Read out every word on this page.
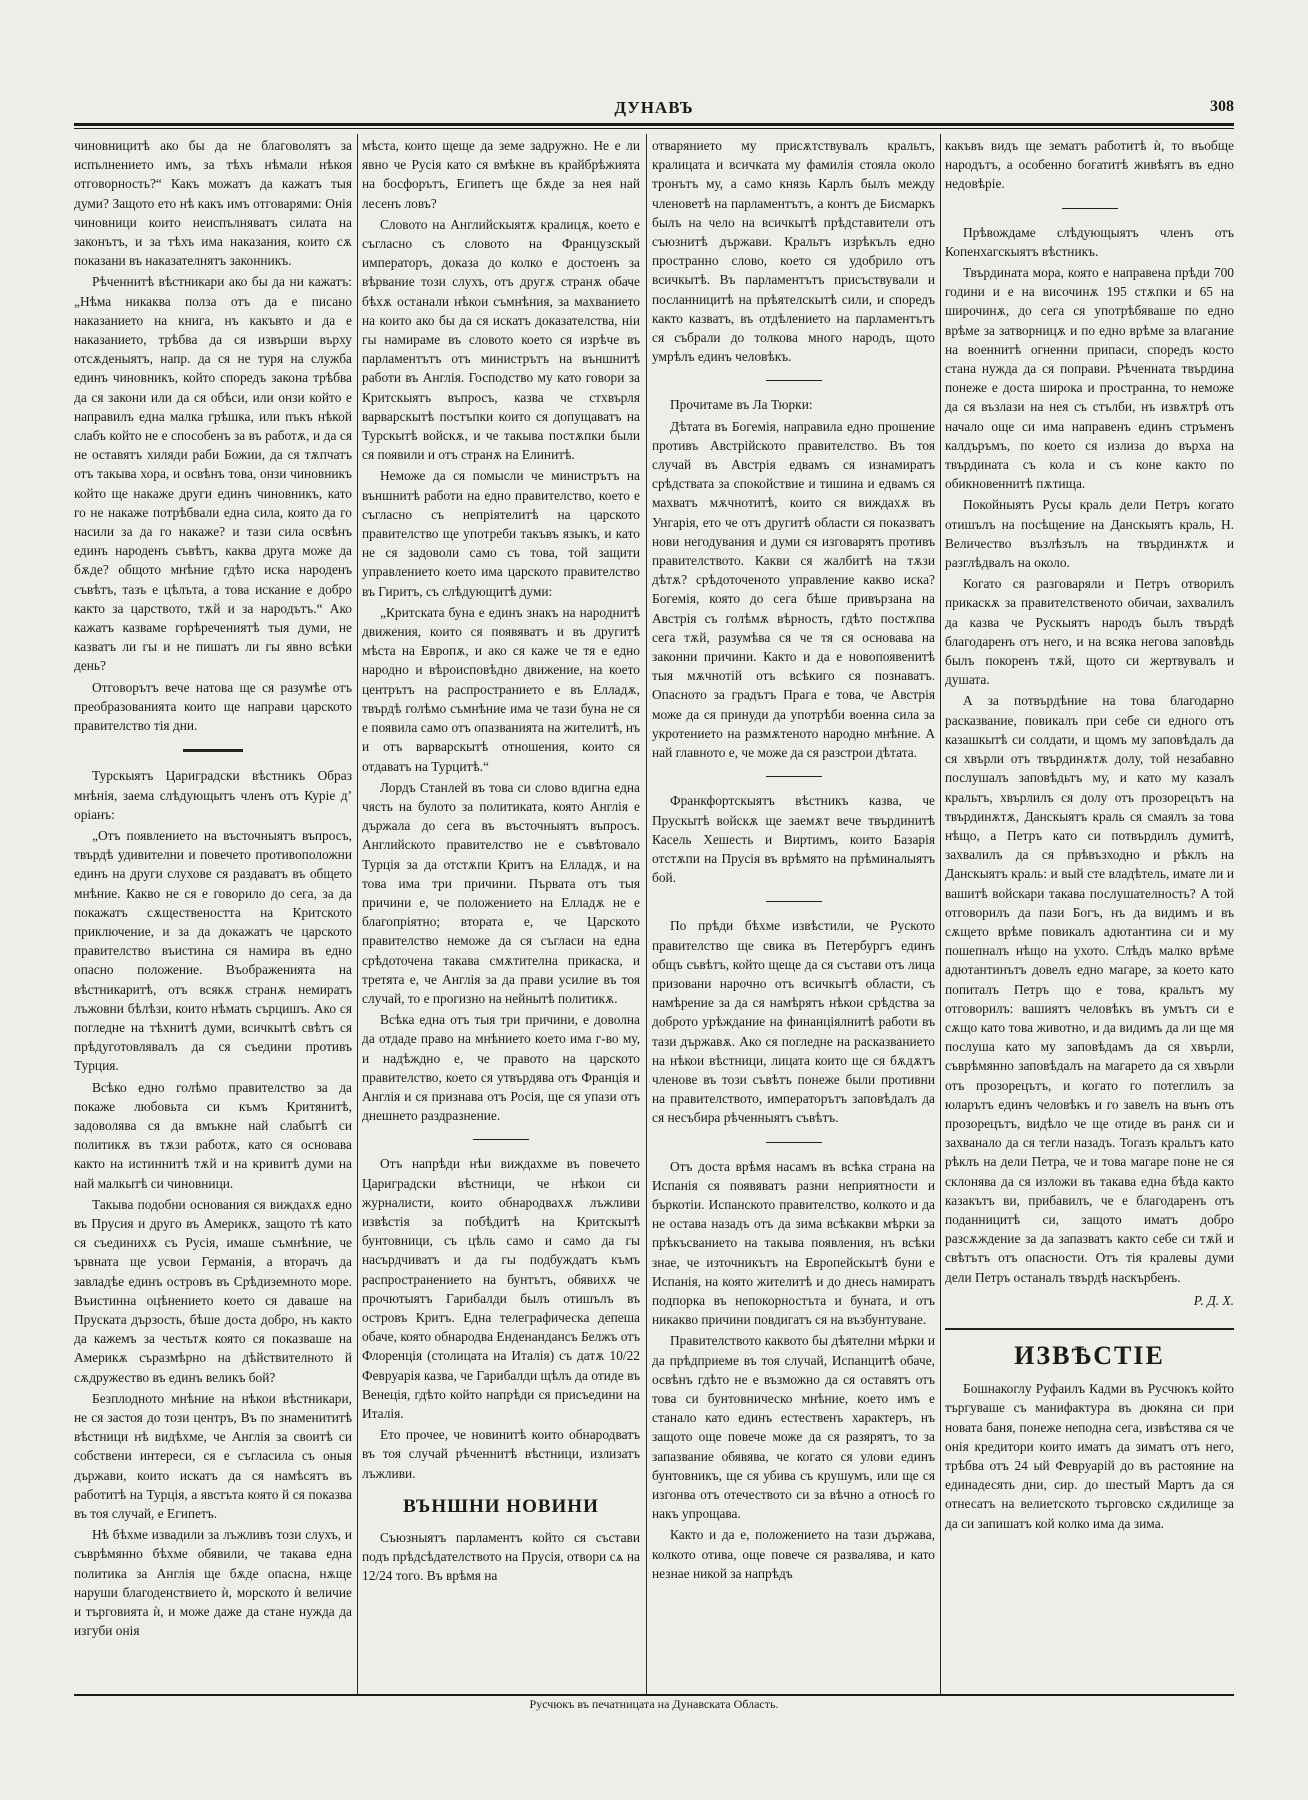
ДУНАВЪ	308

чиновницитѣ ако бы да не благоволятъ за испълнението имъ, за тѣхъ нѣмали нѣкоя отговорность?“ Какъ можатъ да кажатъ тыя думи? Защото ето нѣ какъ имъ отговарями: Онія чиновници които неиспълняватъ силата на законътъ, и за тѣхъ има наказания, които сѫ показани въ наказателнятъ законникъ.

Рѣченнитѣ вѣстникари ако бы да ни кажатъ: „Нѣма никаква полза отъ да е писано наказанието на книга, нъ какъвто и да е наказанието, трѣбва да ся извърши върху отсѫденыятъ, напр. да ся не туря на служба единъ чиновникъ, който споредъ закона трѣбва да ся закони или да ся обѣси, или онзи който е направилъ една малка грѣшка, или пъкъ нѣкой слабъ който не е способенъ за въ работѫ, и да ся не оставятъ хиляди раби Божии, да ся тѫпчатъ отъ такыва хора, и освѣнъ това, онзи чиновникъ който ще накаже други единъ чиновникъ, като го не накаже потрѣбвали една сила, която да го насили за да го накаже? и тази сила освѣнъ единъ народенъ съвѣтъ, каква друга може да бѫде? общото мнѣние гдѣто иска народенъ съвѣтъ, тазъ е цѣлъта, а това искание е добро както за царството, тѫй и за народътъ.“ Ако кажатъ казваме горѣречениятѣ тыя думи, не казватъ ли гы и не пишатъ ли гы явно всѣки день?

Отговорътъ вече натова ще ся разумѣе отъ преобразованията които ще направи царското правителство тія дни.

Турскыятъ Цариградски вѣстникъ Образ мнѣнія, заема слѣдующытъ членъ отъ Куріе д’ оріанъ:

„Отъ появлението на въсточныятъ въпросъ, твърдѣ удивителни и повечето противоположни единъ на други слухове ся раздаватъ въ общето мнѣние. Какво не ся е говорило до сега, за да покажатъ сѫществеността на Критското приключение, и за да докажатъ че царското правителство въистина ся намира въ едно опасно положение. Въображенията на вѣстникаритѣ, отъ всякѫ странѫ немиратъ лъжовни бѣлѣзи, които нѣмать сърцишъ. Ако ся погледне на тѣхнитѣ думи, всичкытѣ свѣтъ ся прѣдуготовлявалъ да ся съедини противъ Турция.

Всѣко едно голѣмо правителство за да покаже любовьта си къмъ Критянитѣ, задоволява ся да вмъкне най слабытѣ си политикѫ въ тѫзи работѫ, като ся основава както на истиннитѣ тѫй и на кривитѣ думи на най малкытѣ си чиновници.

Такыва подобни основания ся виждахѫ едно въ Прусия и друго въ Америкѫ, защото тѣ като ся съединихѫ съ Русія, имаше съмнѣние, че ървната ще усвои Германія, а вторачъ да завладѣе единъ островъ въ Срѣдиземното море. Въистинна оцѣнението което ся даваше на Пруската дързость, бѣше доста добро, нъ както да кажемъ за честьтѫ която ся показваше на Америкѫ съразмѣрно на дѣйствителното й сѫдружество въ единъ великъ бой?

Безплодното мнѣние на нѣкои вѣстникари, не ся застоя до този центръ, Въ по знаменититѣ вѣстници нѣ видѣхме, че Англія за своитѣ си собствени интереси, ся е съгласила съ оныя държави, които искатъ да ся намѣсятъ въ работитѣ на Турція, а явстъта която й ся показва въ тоя случай, е Египетъ.

Нѣ бѣхме извадили за лъжливъ този слухъ, и съврѣмянно бѣхме обявили, че такава една политика за Англія ще бѫде опасна, нѫще наруши благоденствието ѝ, морското ѝ величие и търговията ѝ, и може даже да стане нужда да изгуби онія

мѣста, които щеще да земе задружно. Не е ли явно че Русія като ся вмѣкне въ крайбрѣжията на босфорътъ, Египетъ ще бѫде за нея най лесенъ ловъ?

Словото на Английскыятѫ кралицѫ, което е съгласно съ словото на Французскый императоръ, доказа до колко е достоенъ за вѣрвание този слухъ, отъ другѫ странѫ обаче бѣхѫ останали нѣкои съмнѣния, за махванието на които ако бы да ся искатъ доказателства, ніи гы намираме въ словото което ся изрѣче въ парламентътъ отъ министрътъ на външнитѣ работи въ Англія. Господство му като говори за Критскыятъ въпросъ, казва че стхвърля варварскытѣ постъпки които ся допущаватъ на Турскытѣ войскѫ, и че такыва постѫпки были ся появили и отъ странѫ на Елинитѣ.

Неможе да ся помысли че министрътъ на външнитѣ работи на едно правителство, което е съгласно съ непріятелитѣ на царското правителство ще употреби такъвъ языкъ, и като не ся задоволи само съ това, той защити управлението което има царското правителство въ Гиритъ, съ слѣдующитѣ думи:

„Критската буна е единъ знакъ на народнитѣ движения, които ся появяватъ и въ другитѣ мѣста на Европѫ, и ако ся каже че тя е едно народно и вѣроисповѣдно движение, на което центрътъ на распространието е въ Елладѫ, твърдѣ голѣмо съмнѣние има че тази буна не ся е появила само отъ опазванията на жителитѣ, нъ и отъ варварскытѣ отношения, които ся отдаватъ на Турцитѣ.“

Лордъ Станлей въ това си слово вдигна една чясть на булото за политиката, която Англія е държала до сега въ въсточныятъ въпросъ. Английското правителство не е съвѣтовало Турція за да отстѫпи Критъ на Елладѫ, и на това има три причини. Първата отъ тыя причини е, че положението на Елладѫ не е благопріятно; втората е, че Царското правителство неможе да ся съгласи на една срѣдоточена такава смѫтителна прикаска, и третята е, че Англія за да прави усилие въ тоя случай, то е прогизно на нейнытѣ политикѫ.

Всѣка една отъ тыя три причини, е доволна да отдаде право на мнѣнието което има г-во му, и надѣждно е, че правото на царското правителство, което ся утвърдява отъ Франція и Англія и ся признава отъ Росія, ще ся упази отъ днешнето раздразнение.

Отъ напрѣди нѣи виждахме въ повечето Цариградски вѣстници, че нѣкои си журналисти, които обнародвахѫ лъжливи извѣстія за побѣдитѣ на Критскытѣ бунтовници, съ цѣль само и само да гы насърдчиватъ и да гы подбуждатъ къмъ распространението на бунтътъ, обявихѫ че прочютыятъ Гарибалди былъ отишълъ въ островъ Критъ. Една телеграфическа депеша обаче, която обнародва Енденандансъ Белжъ отъ Флоренція (столицата на Италія) съ датѫ 10/22 Февруарія казва, че Гарибалди щѣлъ да отиде въ Венеція, гдѣто който напрѣди ся присъедини на Италія.

Ето прочее, че новинитѣ които обнародватъ въ тоя случай рѣченнитѣ вѣстници, излизатъ лъжливи.

ВЪНШНИ НОВИНИ

Съюзныятъ парламентъ който ся състави подъ прѣдсѣдателството на Прусія, отвори сѧ на 12/24 того. Въ врѣмя на

отварянието му присѫтствувалъ кральтъ, кралицата и всичката му фамилія стояла около тронътъ му, а само князь Карлъ былъ между членоветѣ на парламентътъ, а контъ де Бисмаркъ былъ на чело на всичкытѣ прѣдставители отъ съюзнитѣ държави. Кральтъ изрѣкълъ едно пространно слово, което ся удобрило отъ всичкытѣ. Въ парламентътъ присъствували и посланницитѣ на прѣятелскытѣ сили, и споредъ както казватъ, въ отдѣлението на парламентътъ ся събрали до толкова много народъ, щото умрѣлъ единъ человѣкъ.

Прочитаме въ Ла Тюрки:

Дѣтата въ Богемія, направила едно прошение противъ Австрійското правителство. Въ тоя случай въ Австрія едвамъ ся изнамиратъ срѣдствата за спокойствие и тишина и едвамъ ся махватъ мѫчнотитѣ, които ся виждахѫ въ Унгарія, ето че отъ другитѣ области ся показватъ нови негодувания и думи ся изговарятъ противъ правителството. Какви ся жалбитѣ на тѫзи дѣтѫ? срѣдоточеното управление какво иска? Богемія, която до сега бѣше привързана на Австрія съ голѣмѫ вѣрность, гдѣто постѫпва сега тѫй, разумѣва ся че тя ся основава на законни причини. Както и да е новопоявенитѣ тыя мѫчнотій отъ всѣкиго ся познаватъ. Опасното за градътъ Прага е това, че Австрія може да ся принуди да употрѣби военна сила за укротението на размѫтеното народно мнѣние. А най главното е, че може да ся разстрои дѣтата.

Франкфортскыятъ вѣстникъ казва, че Прускытѣ войскѫ ще заемѫт вече твърдинитѣ Касель Хешесть и Виртимъ, които Базарія отстѫпи на Прусія въ врѣмято на прѣминалыятъ бой.

По прѣди бѣхме извѣстили, че Руското правителство ще свика въ Петербургъ единъ общъ съвѣтъ, който щеще да ся състави отъ лица призовани нарочно отъ всичкытѣ области, съ намѣрение за да ся намѣрятъ нѣкои срѣдства за доброто урѣждание на финанціялнитѣ работи въ тази държавѫ. Ако ся погледне на расказванието на нѣкои вѣстници, лицата които ще ся бѫдѫтъ членове въ този съвѣтъ понеже были противни на правителството, императорътъ заповѣдалъ да ся несъбира рѣченныятъ съвѣтъ.

Отъ доста врѣмя насамъ въ всѣка страна на Испанія ся появяватъ разни неприятности и бъркотіи. Испанското правителство, колкото и да не остава назадъ отъ да зима всѣкакви мѣрки за прѣкъсванието на такыва появления, нъ всѣки знае, че източникътъ на Европейскытѣ буни е Испанія, на която жителитѣ и до днесь намиратъ подпорка въ непокорностъта и буната, и отъ никакво причини повдигатъ ся на възбунтуване.

Правителството каквото бы дѣятелни мѣрки и да прѣдприеме въ тоя случай, Испанцитѣ обаче, освѣнъ гдѣто не е възможно да ся оставятъ отъ това си бунтовническо мнѣние, което имъ е станало като единъ естественъ характеръ, нъ защото още повече може да ся разярятъ, то за запазвание обявява, че когато ся улови единъ бунтовникъ, ще ся убива съ крушумъ, или ще ся изгонва отъ отечеството си за вѣчно а относѣ го накъ упрощава.

Както и да е, положението на тази държава, колкото отива, още повече ся развалява, и като незнае никой за напрѣдъ

какъвъ видъ ще зематъ работитѣ ѝ, то въобще народътъ, а особенно богатитѣ живѣятъ въ едно недовѣріе.

Прѣвождаме слѣдующыятъ членъ отъ Копенхагскыятъ вѣстникъ.

Твърдината мора, която е направена прѣди 700 години и е на височинѫ 195 стѫпки и 65 на широчинѫ, до сега ся употрѣбяваше по едно врѣме за затворницѫ и по едно врѣме за влагание на военнитѣ огненни припаси, споредъ косто стана нужда да ся поправи. Рѣченната твърдина понеже е доста широка и пространна, то неможе да ся възлази на нея съ стълби, нъ извѫтрѣ отъ начало още си има направенъ единъ стръменъ калдъръмъ, по което ся излиза до върха на твърдината съ кола и съ коне както по обикновеннитѣ пѫтища.

Покойныятъ Русы краль дели Петръ когато отишълъ на посѣщение на Данскыятъ краль, Н. Величество възлѣзълъ на твърдинѫтѫ и разглѣдвалъ на около.

Когато ся разговаряли и Петръ отворилъ прикаскѫ за правителственото обичаи, захвалилъ да казва че Рускыятъ народъ былъ твърдѣ благодаренъ отъ него, и на всяка негова заповѣдь былъ покоренъ тѫй, щото си жертвувалъ и душата.

А за потвърдѣние на това благодарно расказвание, повикалъ при себе си едного отъ казашкытѣ си солдати, и щомъ му заповѣдалъ да ся хвърли отъ твърдинѫтѫ долу, той незабавно послушалъ заповѣдьтъ му, и като му казалъ кральтъ, хвърлилъ ся долу отъ прозорецътъ на твърдинѫтѫ, Данскыятъ краль ся смаялъ за това нѣщо, а Петръ като си потвърдилъ думитѣ, захвалилъ да ся прѣвъзходно и рѣклъ на Данскыятъ краль: и вый сте владѣтель, имате ли и вашитѣ войскари такава послушателность? А той отговорилъ да пази Богъ, нъ да видимъ и въ сѫщето врѣме повикалъ адютантина си и му пошепналъ нѣщо на ухото. Слѣдъ малко врѣме адютантинътъ довелъ едно магаре, за което като попиталъ Петръ що е това, кральтъ му отговорилъ: вашиятъ человѣкъ въ умътъ си е сѫщо като това животно, и да видимъ да ли ще мя послуша като му заповѣдамъ да ся хвърли, съврѣмянно заповѣдалъ на магарето да ся хвърли отъ прозорецътъ, и когато го потеглилъ за юларътъ единъ человѣкъ и го завелъ на вънъ отъ прозорецътъ, видѣло че ще отиде въ ранѫ си и захванало да ся тегли назадъ. Тогазъ кральтъ като рѣклъ на дели Петра, че и това магаре поне не ся склонява да ся изложи въ такава една бѣда както казакътъ ви, прибавилъ, че е благодаренъ отъ поданницитѣ си, защото иматъ добро разсѫждение за да запазватъ както себе си тѫй и свѣтътъ отъ опасности. Отъ тія кралевы думи дели Петръ останалъ твърдѣ наскърбенъ.

Р. Д. Х.

ИЗВѢСТІЕ

Бошнакоглу Руфаилъ Кадми въ Русчюкъ който търгуваше съ манифактура въ дюкяна си при новата баня, понеже неподна сега, извѣстява ся че онія кредитори които иматъ да зиматъ отъ него, трѣбва отъ 24 ый Февруарій до въ растояние на единадесять дни, сир. до шестый Мартъ да ся отнесатъ на велиетското търговско сѫдилище за да си запишатъ кой колко има да зима.

Русчюкъ въ печатницата на Дунавската Область.
